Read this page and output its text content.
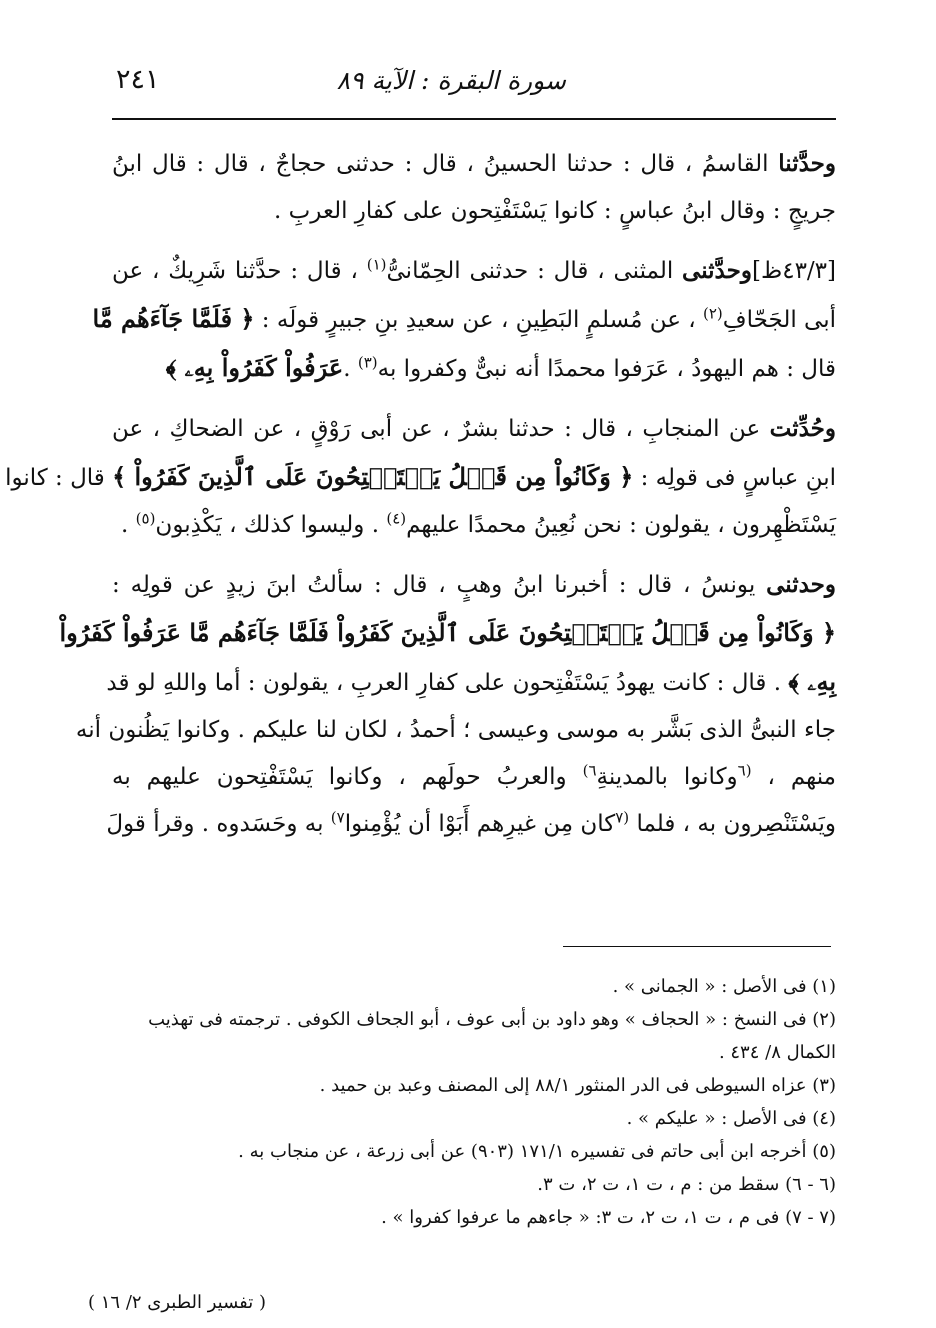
سورة البقرة : الآية ٨٩
٢٤١
وحدَّثنا القاسمُ ، قال : حدثنا الحسينُ ، قال : حدثنى حجاجٌ ، قال : قال ابنُ
جريجٍ : وقال ابنُ عباسٍ : كانوا يَسْتَفْتِحون على كفارِ العربِ .
[٤٣/٣ظ]وحدَّثنى المثنى ، قال : حدثنى الحِمّانىُّ$^{(١)}$ ، قال : حدَّثنا شَرِيكٌ ، عن
أبى الجَحّافِ$^{(٢)}$ ، عن مُسلمٍ البَطِينِ ، عن سعيدِ بنِ جبيرٍ قولَه : ﴿ فَلَمَّا جَآءَهُم مَّا
قال : هم اليهودُ ، عَرَفوا محمدًا أنه نبىٌّ وكفروا به$^{(٣)}$ .عَرَفُواْ كَفَرُواْ بِهِۦ ﴾
وحُدِّثت عن المنجابِ ، قال : حدثنا بشرٌ ، عن أبى رَوْقٍ ، عن الضحاكِ ، عن
ابنِ عباسٍ فى قولِه : ﴿ وَكَانُواْ مِن قَبۡلُ يَسۡتَفۡتِحُونَ عَلَى ٱلَّذِينَ كَفَرُواْ ﴾ قال : كانوا
يَسْتَظْهِرون ، يقولون : نحن نُعِينُ محمدًا عليهم$^{(٤)}$ . وليسوا كذلك ، يَكْذِبون$^{(٥)}$ .
وحدثنى يونسُ ، قال : أخبرنا ابنُ وهبٍ ، قال : سألتُ ابنَ زيدٍ عن قولِه :
﴿ وَكَانُواْ مِن قَبۡلُ يَسۡتَفۡتِحُونَ عَلَى ٱلَّذِينَ كَفَرُواْ فَلَمَّا جَآءَهُم مَّا عَرَفُواْ كَفَرُواْ
بِهِۦ ﴾ . قال : كانت يهودُ يَسْتَفْتِحون على كفارِ العربِ ، يقولون : أما واللهِ لو قد
جاء النبىُّ الذى بَشَّر به موسى وعيسى ؛ أحمدُ ، لكان لنا عليكم . وكانوا يَظُنون أنه
منهم ، $^{(٦}$وكانوا بالمدينةِ$^{٦)}$ والعربُ حولَهم ، وكانوا يَسْتَفْتِحون عليهم به
ويَسْتَنْصِرون به ، فلما $^{(٧}$كان مِن غيرِهم أَبَوْا أن يُؤْمِنوا$^{٧)}$ به وحَسَدوه . وقرأ قولَ

(١) فى الأصل : « الجمانى » .

(٢) فى النسخ : « الحجاف » وهو داود بن أبى عوف ، أبو الجحاف الكوفى . ترجمته فى تهذيب

الكمال ٨/ ٤٣٤ .

(٣) عزاه السيوطى فى الدر المنثور ٨٨/١ إلى المصنف وعبد بن حميد .

(٤) فى الأصل : « عليكم » .

(٥) أخرجه ابن أبى حاتم فى تفسيره ١٧١/١ (٩٠٣) عن أبى زرعة ، عن منجاب به .

(٦ - ٦) سقط من : م ، ت ١، ت ٢، ت ٣.

(٧ - ٧) فى م ، ت ١، ت ٢، ت ٣: « جاءهم ما عرفوا كفروا » .

( تفسير الطبرى ٢/ ١٦ )
